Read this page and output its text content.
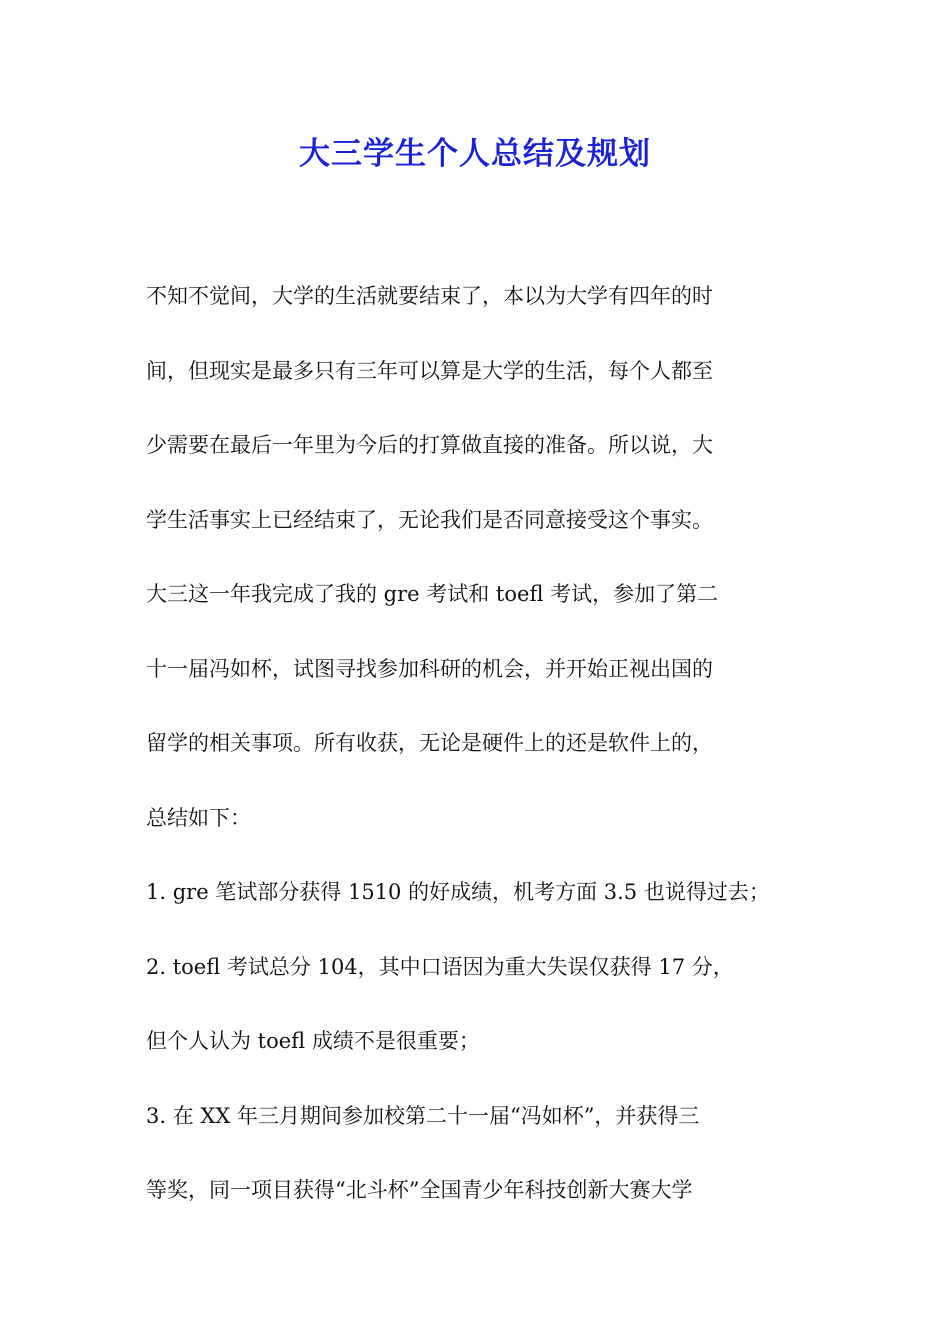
大三学生个人总结及规划
不知不觉间，大学的生活就要结束了，本以为大学有四年的时
间，但现实是最多只有三年可以算是大学的生活，每个人都至
少需要在最后一年里为今后的打算做直接的准备。所以说，大
学生活事实上已经结束了，无论我们是否同意接受这个事实。
大三这一年我完成了我的 gre 考试和 toefl 考试，参加了第二
十一届冯如杯，试图寻找参加科研的机会，并开始正视出国的
留学的相关事项。所有收获，无论是硬件上的还是软件上的，
总结如下：
1. gre 笔试部分获得 1510 的好成绩，机考方面 3.5 也说得过去；
2. toefl 考试总分 104，其中口语因为重大失误仅获得 17 分，
但个人认为 toefl 成绩不是很重要；
3. 在 XX 年三月期间参加校第二十一届“冯如杯”，并获得三
等奖，同一项目获得“北斗杯”全国青少年科技创新大赛大学
